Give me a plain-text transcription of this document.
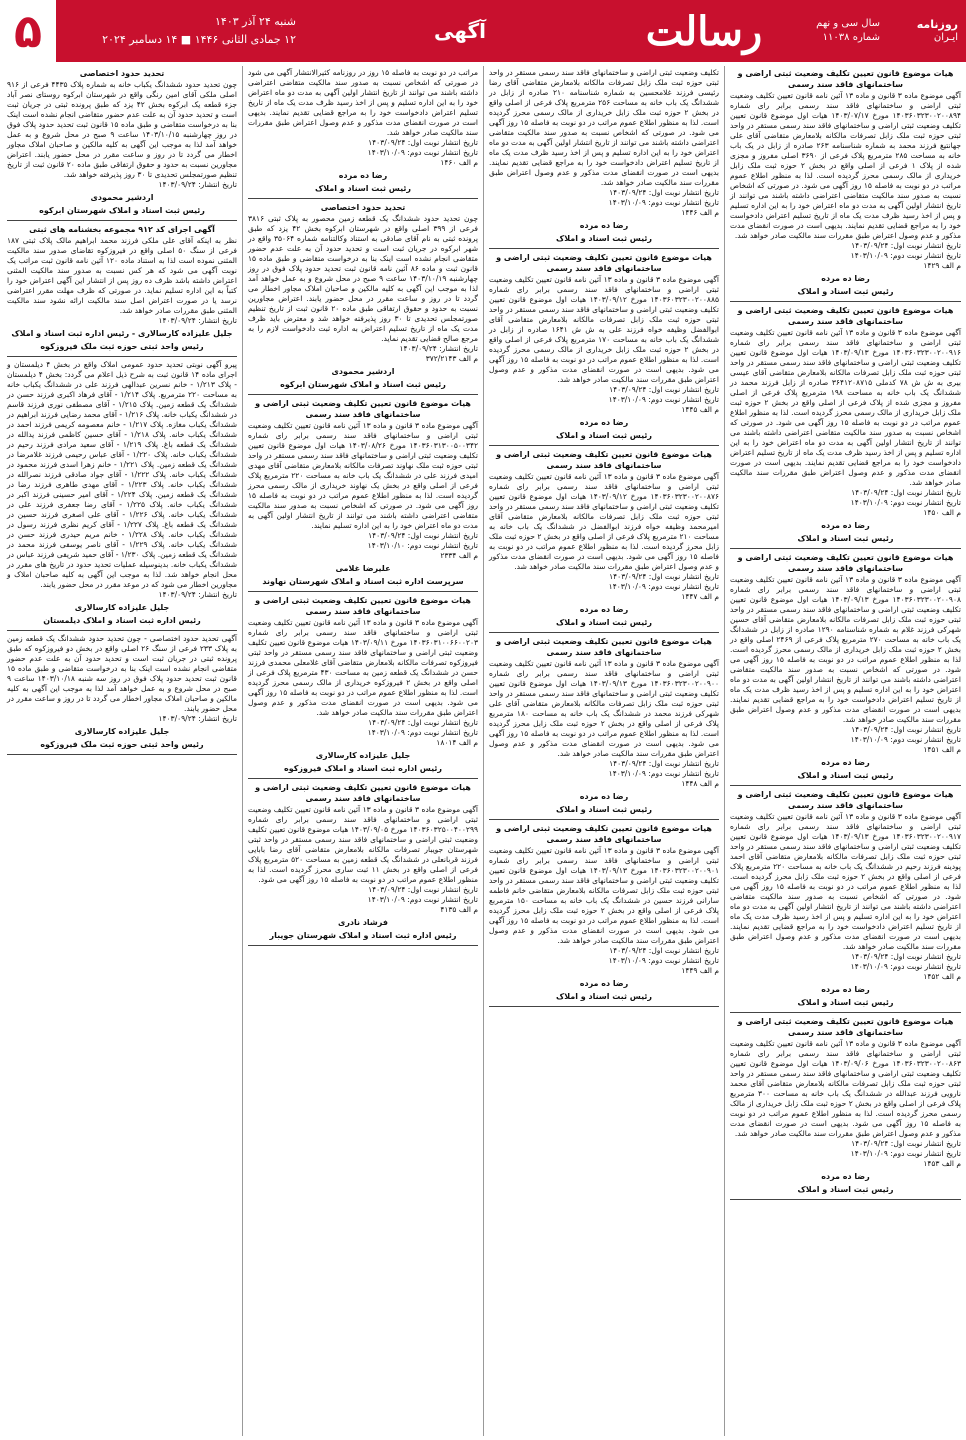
روزنامه
ایـران
سال سی و نهم
شماره ۱۱۰۳۸
رسالت
آگهی
شنبه ۲۴ آذر ۱۴۰۳
۱۲ جمادی الثانی ۱۴۴۶ ■ ۱۴ دسامبر ۲۰۲۴
۵
هیات موضوع قانون تعیین تکلیف وضعیت ثبتی اراضی و ساختمانهای فاقد سند رسمی
آگهی موضوع ماده ۳ قانون و ماده ۱۳ آئین نامه قانون تعیین تکلیف وضعیت ثبتی اراضی و ساختمانهای فاقد سند رسمی برابر رای شماره ۱۴۰۳۶۰۳۲۳۰۰۲۰۰۸۹۴ مورخ ۱۴۰۳/۰۷/۱۷ هیات اول موضوع قانون تعیین تکلیف وضعیت ثبتی اراضی و ساختمانهای فاقد سند رسمی مستقر در واحد ثبتی حوزه ثبت ملک زابل تصرفات مالکانه بلامعارض متقاضی آقای علی جهانتیغ فرزند محمد به شماره شناسنامه ۲۶۳ صادره از زابل در یک باب خانه به مساحت ۲۸۵ مترمربع پلاک فرعی از ۳۶۹۰ اصلی مفروز و مجزی شده از پلاک ۱ فرعی از اصلی واقع در بخش ۲ حوزه ثبت ملک زابل خریداری از مالک رسمی محرز گردیده است. لذا به منظور اطلاع عموم مراتب در دو نوبت به فاصله ۱۵ روز آگهی می شود. در صورتی که اشخاص نسبت به صدور سند مالکیت متقاضی اعتراضی داشته باشند می توانند از تاریخ انتشار اولین آگهی به مدت دو ماه اعتراض خود را به این اداره تسلیم و پس از اخذ رسید ظرف مدت یک ماه از تاریخ تسلیم اعتراض دادخواست خود را به مراجع قضایی تقدیم نمایند. بدیهی است در صورت انقضای مدت مذکور و عدم وصول اعتراض طبق مقررات سند مالکیت صادر خواهد شد.
تاریخ انتشار نوبت اول: ۱۴۰۳/۰۹/۲۴
تاریخ انتشار نوبت دوم: ۱۴۰۳/۱۰/۰۹
م الف ۱۴۲۹
رضا ده مرده
رئیس ثبت اسناد و املاک
هیات موضوع قانون تعیین تکلیف وضعیت ثبتی اراضی و ساختمانهای فاقد سند رسمی
آگهی موضوع ماده ۳ قانون و ماده ۱۳ آئین نامه قانون تعیین تکلیف وضعیت ثبتی اراضی و ساختمانهای فاقد سند رسمی برابر رای شماره ۱۴۰۳۶۰۳۲۳۰۰۲۰۰۹۱۶ مورخ ۱۴۰۳/۰۹/۱۳ هیات اول موضوع قانون تعیین تکلیف وضعیت ثبتی اراضی و ساختمانهای فاقد سند رسمی مستقر در واحد ثبتی حوزه ثبت ملک زابل تصرفات مالکانه بلامعارض متقاضی آقای عیسی بیری به ش ش ۷۸ کدملی ۳۶۴۱۲۰۸۷۱۵ صادره از زابل فرزند محمد در ششدانگ یک باب خانه به مساحت ۱۹۸ مترمربع پلاک فرعی از اصلی مفروز و مجزی شده از پلاک فرعی از اصلی واقع در بخش ۲ حوزه ثبت ملک زابل خریداری از مالک رسمی محرز گردیده است. لذا به منظور اطلاع عموم مراتب در دو نوبت به فاصله ۱۵ روز آگهی می شود. در صورتی که اشخاص نسبت به صدور سند مالکیت متقاضی اعتراضی داشته باشند می توانند از تاریخ انتشار اولین آگهی به مدت دو ماه اعتراض خود را به این اداره تسلیم و پس از اخذ رسید ظرف مدت یک ماه از تاریخ تسلیم اعتراض دادخواست خود را به مراجع قضایی تقدیم نمایند. بدیهی است در صورت انقضای مدت مذکور و عدم وصول اعتراض طبق مقررات سند مالکیت صادر خواهد شد.
تاریخ انتشار نوبت اول: ۱۴۰۳/۰۹/۲۴
تاریخ انتشار نوبت دوم: ۱۴۰۳/۱۰/۰۹
م الف ۱۴۵۰
رضا ده مرده
رئیس ثبت اسناد و املاک
هیات موضوع قانون تعیین تکلیف وضعیت ثبتی اراضی و ساختمانهای فاقد سند رسمی
آگهی موضوع ماده ۳ قانون و ماده ۱۳ آئین نامه قانون تعیین تکلیف وضعیت ثبتی اراضی و ساختمانهای فاقد سند رسمی برابر رای شماره ۱۴۰۳۶۰۳۲۳۰۰۲۰۰۹۰۸ مورخ ۱۴۰۳/۰۹/۱۳ هیات اول موضوع قانون تعیین تکلیف وضعیت ثبتی اراضی و ساختمانهای فاقد سند رسمی مستقر در واحد ثبتی حوزه ثبت ملک زابل تصرفات مالکانه بلامعارض متقاضی آقای حسین شهرکی فرزند غلام به شماره شناسنامه ۱۲۹۰ صادره از زابل در ششدانگ یک باب خانه به مساحت ۲۷۰ مترمربع پلاک فرعی از ۲۴۶۹ اصلی واقع در بخش ۲ حوزه ثبت ملک زابل خریداری از مالک رسمی محرز گردیده است. لذا به منظور اطلاع عموم مراتب در دو نوبت به فاصله ۱۵ روز آگهی می شود. در صورتی که اشخاص نسبت به صدور سند مالکیت متقاضی اعتراضی داشته باشند می توانند از تاریخ انتشار اولین آگهی به مدت دو ماه اعتراض خود را به این اداره تسلیم و پس از اخذ رسید ظرف مدت یک ماه از تاریخ تسلیم اعتراض دادخواست خود را به مراجع قضایی تقدیم نمایند. بدیهی است در صورت انقضای مدت مذکور و عدم وصول اعتراض طبق مقررات سند مالکیت صادر خواهد شد.
تاریخ انتشار نوبت اول: ۱۴۰۳/۰۹/۲۴
تاریخ انتشار نوبت دوم: ۱۴۰۳/۱۰/۰۹
م الف ۱۴۵۱
رضا ده مرده
رئیس ثبت اسناد و املاک
هیات موضوع قانون تعیین تکلیف وضعیت ثبتی اراضی و ساختمانهای فاقد سند رسمی
آگهی موضوع ماده ۳ قانون و ماده ۱۳ آئین نامه قانون تعیین تکلیف وضعیت ثبتی اراضی و ساختمانهای فاقد سند رسمی برابر رای شماره ۱۴۰۳۶۰۳۲۳۰۰۲۰۰۹۱۷ مورخ ۱۴۰۳/۰۹/۱۳ هیات اول موضوع قانون تعیین تکلیف وضعیت ثبتی اراضی و ساختمانهای فاقد سند رسمی مستقر در واحد ثبتی حوزه ثبت ملک زابل تصرفات مالکانه بلامعارض متقاضی آقای احمد پودینه فرزند رحیم در ششدانگ یک باب خانه به مساحت ۲۲۰ مترمربع پلاک فرعی از اصلی واقع در بخش ۲ حوزه ثبت ملک زابل محرز گردیده است. لذا به منظور اطلاع عموم مراتب در دو نوبت به فاصله ۱۵ روز آگهی می شود. در صورتی که اشخاص نسبت به صدور سند مالکیت متقاضی اعتراضی داشته باشند می توانند از تاریخ انتشار اولین آگهی به مدت دو ماه اعتراض خود را به این اداره تسلیم و پس از اخذ رسید ظرف مدت یک ماه از تاریخ تسلیم اعتراض دادخواست خود را به مراجع قضایی تقدیم نمایند. بدیهی است در صورت انقضای مدت مذکور و عدم وصول اعتراض طبق مقررات سند مالکیت صادر خواهد شد.
تاریخ انتشار نوبت اول: ۱۴۰۳/۰۹/۲۴
تاریخ انتشار نوبت دوم: ۱۴۰۳/۱۰/۰۹
م الف ۱۴۵۲
رضا ده مرده
رئیس ثبت اسناد و املاک
هیات موضوع قانون تعیین تکلیف وضعیت ثبتی اراضی و ساختمانهای فاقد سند رسمی
آگهی موضوع ماده ۳ قانون و ماده ۱۳ آئین نامه قانون تعیین تکلیف وضعیت ثبتی اراضی و ساختمانهای فاقد سند رسمی برابر رای شماره ۱۴۰۳۶۰۳۲۳۰۰۲۰۰۸۶۳ مورخ ۱۴۰۳/۰۹/۰۶ هیات اول موضوع قانون تعیین تکلیف وضعیت ثبتی اراضی و ساختمانهای فاقد سند رسمی مستقر در واحد ثبتی حوزه ثبت ملک زابل تصرفات مالکانه بلامعارض متقاضی آقای محمد نارویی فرزند عبدالله در ششدانگ یک باب خانه به مساحت ۳۰۰ مترمربع پلاک فرعی از اصلی واقع در بخش ۲ حوزه ثبت ملک زابل خریداری از مالک رسمی محرز گردیده است. لذا به منظور اطلاع عموم مراتب در دو نوبت به فاصله ۱۵ روز آگهی می شود. بدیهی است در صورت انقضای مدت مذکور و عدم وصول اعتراض طبق مقررات سند مالکیت صادر خواهد شد.
تاریخ انتشار نوبت اول: ۱۴۰۳/۰۹/۲۴
تاریخ انتشار نوبت دوم: ۱۴۰۳/۱۰/۰۹
م الف ۱۴۵۳
رضا ده مرده
رئیس ثبت اسناد و املاک
تکلیف وضعیت ثبتی اراضی و ساختمانهای فاقد سند رسمی مستقر در واحد ثبتی حوزه ثبت ملک زابل تصرفات مالکانه بلامعارض متقاضی آقای رضا رئیسی فرزند غلامحسین به شماره شناسنامه ۲۱۰ صادره از زابل در ششدانگ یک باب خانه به مساحت ۲۵۶ مترمربع پلاک فرعی از اصلی واقع در بخش ۲ حوزه ثبت ملک زابل خریداری از مالک رسمی محرز گردیده است. لذا به منظور اطلاع عموم مراتب در دو نوبت به فاصله ۱۵ روز آگهی می شود. در صورتی که اشخاص نسبت به صدور سند مالکیت متقاضی اعتراضی داشته باشند می توانند از تاریخ انتشار اولین آگهی به مدت دو ماه اعتراض خود را به این اداره تسلیم و پس از اخذ رسید ظرف مدت یک ماه از تاریخ تسلیم اعتراض دادخواست خود را به مراجع قضایی تقدیم نمایند. بدیهی است در صورت انقضای مدت مذکور و عدم وصول اعتراض طبق مقررات سند مالکیت صادر خواهد شد.
تاریخ انتشار نوبت اول: ۱۴۰۳/۰۹/۲۴
تاریخ انتشار نوبت دوم: ۱۴۰۳/۱۰/۰۹
م الف ۱۴۴۶
رضا ده مرده
رئیس ثبت اسناد و املاک
هیات موضوع قانون تعیین تکلیف وضعیت ثبتی اراضی و ساختمانهای فاقد سند رسمی
آگهی موضوع ماده ۳ قانون و ماده ۱۳ آئین نامه قانون تعیین تکلیف وضعیت ثبتی اراضی و ساختمانهای فاقد سند رسمی برابر رای شماره ۱۴۰۳۶۰۳۲۳۰۰۲۰۰۸۸۵ مورخ ۱۴۰۳/۰۹/۱۲ هیات اول موضوع قانون تعیین تکلیف وضعیت ثبتی اراضی و ساختمانهای فاقد سند رسمی مستقر در واحد ثبتی حوزه ثبت ملک زابل تصرفات مالکانه بلامعارض متقاضی آقای ابوالفضل وظیفه خواه فرزند علی به ش ش ۱۶۴۱ صادره از زابل در ششدانگ یک باب خانه به مساحت ۱۷۰ مترمربع پلاک فرعی از اصلی واقع در بخش ۲ حوزه ثبت ملک زابل خریداری از مالک رسمی محرز گردیده است. لذا به منظور اطلاع عموم مراتب در دو نوبت به فاصله ۱۵ روز آگهی می شود. بدیهی است در صورت انقضای مدت مذکور و عدم وصول اعتراض طبق مقررات سند مالکیت صادر خواهد شد.
تاریخ انتشار نوبت اول: ۱۴۰۳/۰۹/۲۴
تاریخ انتشار نوبت دوم: ۱۴۰۳/۱۰/۰۹
م الف ۱۴۴۵
رضا ده مرده
رئیس ثبت اسناد و املاک
هیات موضوع قانون تعیین تکلیف وضعیت ثبتی اراضی و ساختمانهای فاقد سند رسمی
آگهی موضوع ماده ۳ قانون و ماده ۱۳ آئین نامه قانون تعیین تکلیف وضعیت ثبتی اراضی و ساختمانهای فاقد سند رسمی برابر رای شماره ۱۴۰۳۶۰۳۲۳۰۰۲۰۰۸۷۶ مورخ ۱۴۰۳/۰۹/۱۲ هیات اول موضوع قانون تعیین تکلیف وضعیت ثبتی اراضی و ساختمانهای فاقد سند رسمی مستقر در واحد ثبتی حوزه ثبت ملک زابل تصرفات مالکانه بلامعارض متقاضی آقای امیرمحمد وظیفه خواه فرزند ابوالفضل در ششدانگ یک باب خانه به مساحت ۲۱۰ مترمربع پلاک فرعی از اصلی واقع در بخش ۲ حوزه ثبت ملک زابل محرز گردیده است. لذا به منظور اطلاع عموم مراتب در دو نوبت به فاصله ۱۵ روز آگهی می شود. بدیهی است در صورت انقضای مدت مذکور و عدم وصول اعتراض طبق مقررات سند مالکیت صادر خواهد شد.
تاریخ انتشار نوبت اول: ۱۴۰۳/۰۹/۲۴
تاریخ انتشار نوبت دوم: ۱۴۰۳/۱۰/۰۹
م الف ۱۴۴۷
رضا ده مرده
رئیس ثبت اسناد و املاک
هیات موضوع قانون تعیین تکلیف وضعیت ثبتی اراضی و ساختمانهای فاقد سند رسمی
آگهی موضوع ماده ۳ قانون و ماده ۱۳ آئین نامه قانون تعیین تکلیف وضعیت ثبتی اراضی و ساختمانهای فاقد سند رسمی برابر رای شماره ۱۴۰۳۶۰۳۲۳۰۰۲۰۰۹۰۰ مورخ ۱۴۰۳/۰۹/۱۳ هیات اول موضوع قانون تعیین تکلیف وضعیت ثبتی اراضی و ساختمانهای فاقد سند رسمی مستقر در واحد ثبتی حوزه ثبت ملک زابل تصرفات مالکانه بلامعارض متقاضی آقای علی شهرکی فرزند محمد در ششدانگ یک باب خانه به مساحت ۱۸۰ مترمربع پلاک فرعی از اصلی واقع در بخش ۲ حوزه ثبت ملک زابل محرز گردیده است. لذا به منظور اطلاع عموم مراتب در دو نوبت به فاصله ۱۵ روز آگهی می شود. بدیهی است در صورت انقضای مدت مذکور و عدم وصول اعتراض طبق مقررات سند مالکیت صادر خواهد شد.
تاریخ انتشار نوبت اول: ۱۴۰۳/۰۹/۲۴
تاریخ انتشار نوبت دوم: ۱۴۰۳/۱۰/۰۹
م الف ۱۴۴۸
رضا ده مرده
رئیس ثبت اسناد و املاک
هیات موضوع قانون تعیین تکلیف وضعیت ثبتی اراضی و ساختمانهای فاقد سند رسمی
آگهی موضوع ماده ۳ قانون و ماده ۱۳ آئین نامه قانون تعیین تکلیف وضعیت ثبتی اراضی و ساختمانهای فاقد سند رسمی برابر رای شماره ۱۴۰۳۶۰۳۲۳۰۰۲۰۰۹۰۱ مورخ ۱۴۰۳/۰۹/۱۳ هیات اول موضوع قانون تعیین تکلیف وضعیت ثبتی اراضی و ساختمانهای فاقد سند رسمی مستقر در واحد ثبتی حوزه ثبت ملک زابل تصرفات مالکانه بلامعارض متقاضی خانم فاطمه سارانی فرزند حسین در ششدانگ یک باب خانه به مساحت ۱۵۰ مترمربع پلاک فرعی از اصلی واقع در بخش ۲ حوزه ثبت ملک زابل محرز گردیده است. لذا به منظور اطلاع عموم مراتب در دو نوبت به فاصله ۱۵ روز آگهی می شود. بدیهی است در صورت انقضای مدت مذکور و عدم وصول اعتراض طبق مقررات سند مالکیت صادر خواهد شد.
تاریخ انتشار نوبت اول: ۱۴۰۳/۰۹/۲۴
تاریخ انتشار نوبت دوم: ۱۴۰۳/۱۰/۰۹
م الف ۱۴۴۹
رضا ده مرده
رئیس ثبت اسناد و املاک
مراتب در دو نوبت به فاصله ۱۵ روز در روزنامه کثیرالانتشار آگهی می شود در صورتی که اشخاص نسبت به صدور سند مالکیت متقاضی اعتراضی داشته باشند می توانند از تاریخ انتشار اولین آگهی به مدت دو ماه اعتراض خود را به این اداره تسلیم و پس از اخذ رسید ظرف مدت یک ماه از تاریخ تسلیم اعتراض دادخواست خود را به مراجع قضایی تقدیم نمایند. بدیهی است در صورت انقضای مدت مذکور و عدم وصول اعتراض طبق مقررات سند مالکیت صادر خواهد شد.
تاریخ انتشار نوبت اول: ۱۴۰۳/۰۹/۲۴
تاریخ انتشار نوبت دوم: ۱۴۰۳/۱۰/۰۹
م الف ۱۴۶۰
رضا ده مرده
رئیس ثبت اسناد و املاک
تحدید حدود اختصاصی
چون تحدید حدود ششدانگ یک قطعه زمین محصور به پلاک ثبتی ۳۸۱۶ فرعی از ۳۹۹ اصلی واقع در شهرستان ابرکوه بخش ۴۲ یزد که طبق پرونده ثبتی به نام آقای صادقی به استناد وکالتنامه شماره ۳۵۰۶۴ واقع در شهر ابرکوه در جریان ثبت است و تحدید حدود آن به علت عدم حضور متقاضی انجام نشده است اینک بنا به درخواست متقاضی و طبق ماده ۱۵ قانون ثبت و ماده ۸۶ آئین نامه قانون ثبت تحدید حدود پلاک فوق در روز چهارشنبه ۱۴۰۳/۱۰/۱۹ ساعت ۹ صبح در محل شروع و به عمل خواهد آمد لذا به موجب این آگهی به کلیه مالکین و صاحبان املاک مجاور اخطار می گردد تا در روز و ساعت مقرر در محل حضور یابند. اعتراض مجاورین نسبت به حدود و حقوق ارتفاقی طبق ماده ۲۰ قانون ثبت از تاریخ تنظیم صورتمجلس تحدیدی تا ۳۰ روز پذیرفته خواهد شد و معترض باید ظرف مدت یک ماه از تاریخ تسلیم اعتراض به اداره ثبت دادخواست لازم را به مرجع صالح قضایی تقدیم نماید.
تاریخ انتشار: ۱۴۰۳/۰۹/۲۴
م الف ۳۷۲/۲۱۴۳
اردشیر محمودی
رئیس ثبت اسناد و املاک شهرستان ابرکوه
هیات موضوع قانون تعیین تکلیف وضعیت ثبتی اراضی و ساختمانهای فاقد سند رسمی
آگهی موضوع ماده ۳ قانون و ماده ۱۳ آئین نامه قانون تعیین تکلیف وضعیت ثبتی اراضی و ساختمانهای فاقد سند رسمی برابر رای شماره ۱۴۰۳۶۰۳۱۳۰۰۵۰۰۳۴۲ مورخ ۱۴۰۳/۰۸/۲۶ هیات اول موضوع قانون تعیین تکلیف وضعیت ثبتی اراضی و ساختمانهای فاقد سند رسمی مستقر در واحد ثبتی حوزه ثبت ملک نهاوند تصرفات مالکانه بلامعارض متقاضی آقای مهدی امیدی فرزند علی در ششدانگ یک باب خانه به مساحت ۲۲۰ مترمربع پلاک فرعی از اصلی واقع در بخش یک نهاوند خریداری از مالک رسمی محرز گردیده است. لذا به منظور اطلاع عموم مراتب در دو نوبت به فاصله ۱۵ روز آگهی می شود. در صورتی که اشخاص نسبت به صدور سند مالکیت متقاضی اعتراضی داشته باشند می توانند از تاریخ انتشار اولین آگهی به مدت دو ماه اعتراض خود را به این اداره تسلیم نمایند.
تاریخ انتشار نوبت اول: ۱۴۰۳/۰۹/۲۴
تاریخ انتشار نوبت دوم: ۱۴۰۳/۱۰/۱۰
م الف ۲۳۳۴
علیرضا غلامی
سرپرست اداره ثبت اسناد و املاک شهرستان نهاوند
هیات موضوع قانون تعیین تکلیف وضعیت ثبتی اراضی و ساختمانهای فاقد سند رسمی
آگهی موضوع ماده ۳ قانون و ماده ۱۳ آئین نامه قانون تعیین تکلیف وضعیت ثبتی اراضی و ساختمانهای فاقد سند رسمی برابر رای شماره ۱۴۰۳۶۰۳۱۰۰۶۶۰۰۲۰۳ مورخ ۱۴۰۳/۰۹/۱۱ هیات موضوع قانون تعیین تکلیف وضعیت ثبتی اراضی و ساختمانهای فاقد سند رسمی مستقر در واحد ثبتی فیروزکوه تصرفات مالکانه بلامعارض متقاضی آقای غلامعلی محمدی فرزند حسن در ششدانگ یک قطعه زمین به مساحت ۴۳۰ مترمربع پلاک فرعی از اصلی واقع در بخش ۲ فیروزکوه خریداری از مالک رسمی محرز گردیده است. لذا به منظور اطلاع عموم مراتب در دو نوبت به فاصله ۱۵ روز آگهی می شود. بدیهی است در صورت انقضای مدت مذکور و عدم وصول اعتراض طبق مقررات سند مالکیت صادر خواهد شد.
تاریخ انتشار نوبت اول: ۱۴۰۳/۰۹/۲۴
تاریخ انتشار نوبت دوم: ۱۴۰۳/۱۰/۰۹
م الف ۱۸۰۱۴
جلیل علیزاده کارسالاری
رئیس اداره ثبت اسناد و املاک فیروزکوه
هیات موضوع قانون تعیین تکلیف وضعیت ثبتی اراضی و ساختمانهای فاقد سند رسمی
آگهی موضوع ماده ۳ قانون و ماده ۱۳ آئین نامه قانون تعیین تکلیف وضعیت ثبتی اراضی و ساختمانهای فاقد سند رسمی برابر رای شماره ۱۴۰۳۶۰۳۲۵۰۰۴۰۰۲۹۹ مورخ ۱۴۰۳/۰۹/۰۵ هیات موضوع قانون تعیین تکلیف وضعیت ثبتی اراضی و ساختمانهای فاقد سند رسمی مستقر در واحد ثبتی شهرستان جویبار تصرفات مالکانه بلامعارض متقاضی آقای رضا بابایی فرزند قربانعلی در ششدانگ یک قطعه زمین به مساحت ۵۲۰ مترمربع پلاک فرعی از اصلی واقع در بخش ۱۱ ثبت ساری محرز گردیده است. لذا به منظور اطلاع عموم مراتب در دو نوبت به فاصله ۱۵ روز آگهی می شود.
تاریخ انتشار نوبت اول: ۱۴۰۳/۰۹/۲۴
تاریخ انتشار نوبت دوم: ۱۴۰۳/۱۰/۰۹
م الف ۴۱۳۵
فرشاد نادری
رئیس اداره ثبت اسناد و املاک شهرستان جویبار
تحدید حدود اختصاصی
چون تحدید حدود ششدانگ یکباب خانه به شماره پلاک ۴۴۳۵ فرعی از ۹۱۶ اصلی ملکی آقای امین رنگی واقع در شهرستان ابرکوه روستای نصر آباد جزء قطعه یک ابرکوه بخش ۴۲ یزد که طبق پرونده ثبتی در جریان ثبت است و تحدید حدود آن به علت عدم حضور متقاضی انجام نشده است اینک بنا به درخواست متقاضی و طبق ماده ۱۵ قانون ثبت تحدید حدود پلاک فوق در روز چهارشنبه ۱۴۰۳/۱۰/۱۵ ساعت ۹ صبح در محل شروع و به عمل خواهد آمد لذا به موجب این آگهی به کلیه مالکین و صاحبان املاک مجاور اخطار می گردد تا در روز و ساعت مقرر در محل حضور یابند. اعتراض مجاورین نسبت به حدود و حقوق ارتفاقی طبق ماده ۲۰ قانون ثبت از تاریخ تنظیم صورتمجلس تحدیدی تا ۳۰ روز پذیرفته خواهد شد.
تاریخ انتشار: ۱۴۰۳/۰۹/۲۴
اردشیر محمودی
رئیس ثبت اسناد و املاک شهرستان ابرکوه
آگهی اجرای کد ۹۱۲ مجموعه بخشنامه های ثبتی
نظر به اینکه آقای علی ملکی فرزند محمد ابراهیم مالک پلاک ثبتی ۱۸۷ فرعی از سنگ ۵۰ اصلی واقع در فیروزکوه تقاضای صدور سند مالکیت المثنی نموده است لذا به استناد ماده ۱۲۰ آئین نامه قانون ثبت مراتب یک نوبت آگهی می شود که هر کس نسبت به صدور سند مالکیت المثنی اعتراض داشته باشد ظرف ده روز پس از انتشار این آگهی اعتراض خود را کتباً به این اداره تسلیم نماید. در صورتی که ظرف مهلت مقرر اعتراضی نرسد یا در صورت اعتراض اصل سند مالکیت ارائه نشود سند مالکیت المثنی طبق مقررات صادر خواهد شد.
تاریخ انتشار: ۱۴۰۳/۰۹/۲۴
جلیل علیزاده کارسالاری - رئیس اداره ثبت اسناد و املاک
رئیس واحد ثبتی حوزه ثبت ملک فیروزکوه
پیرو آگهی نوبتی تحدید حدود عمومی املاک واقع در بخش ۴ دیلمستان و اجرای ماده ۱۴ قانون ثبت به شرح ذیل اعلام می گردد: بخش ۴ دیلمستان - پلاک ۱/۲۱۳ - خانم نسرین عبدالهی فرزند علی در ششدانگ یکباب خانه به مساحت ۲۲۰ مترمربع. پلاک ۱/۲۱۴ - آقای فرهاد اکبری فرزند حسن در ششدانگ یک قطعه زمین. پلاک ۱/۲۱۵ - آقای مصطفی نوری فرزند قاسم در ششدانگ یکباب خانه. پلاک ۱/۲۱۶ - آقای محمد رضایی فرزند ابراهیم در ششدانگ یکباب مغازه. پلاک ۱/۲۱۷ - خانم معصومه کریمی فرزند احمد در ششدانگ یکباب خانه. پلاک ۱/۲۱۸ - آقای حسین کاظمی فرزند یدالله در ششدانگ یک قطعه باغ. پلاک ۱/۲۱۹ - آقای سعید مرادی فرزند رحیم در ششدانگ یکباب خانه. پلاک ۱/۲۲۰ - آقای عباس رحیمی فرزند غلامرضا در ششدانگ یک قطعه زمین. پلاک ۱/۲۲۱ - خانم زهرا اسدی فرزند محمود در ششدانگ یکباب خانه. پلاک ۱/۲۲۲ - آقای جواد صادقی فرزند نصرالله در ششدانگ یکباب خانه. پلاک ۱/۲۲۳ - آقای مهدی طاهری فرزند رضا در ششدانگ یک قطعه زمین. پلاک ۱/۲۲۴ - آقای امیر حسینی فرزند اکبر در ششدانگ یکباب خانه. پلاک ۱/۲۲۵ - آقای رضا جعفری فرزند علی در ششدانگ یکباب خانه. پلاک ۱/۲۲۶ - آقای علی اصغری فرزند حسین در ششدانگ یک قطعه باغ. پلاک ۱/۲۲۷ - آقای کریم نظری فرزند رسول در ششدانگ یکباب خانه. پلاک ۱/۲۲۸ - خانم مریم حیدری فرزند حسن در ششدانگ یکباب خانه. پلاک ۱/۲۲۹ - آقای ناصر یوسفی فرزند محمد در ششدانگ یک قطعه زمین. پلاک ۱/۲۳۰ - آقای حمید شریفی فرزند عباس در ششدانگ یکباب خانه. بدینوسیله عملیات تحدید حدود در تاریخ های مقرر در محل انجام خواهد شد. لذا به موجب این آگهی به کلیه صاحبان املاک و مجاورین اخطار می شود که در موعد مقرر در محل حضور یابند.
تاریخ انتشار: ۱۴۰۳/۰۹/۲۴
جلیل علیزاده کارسالاری
رئیس اداره ثبت اسناد و املاک دیلمستان
آگهی تحدید حدود اختصاصی - چون تحدید حدود ششدانگ یک قطعه زمین به پلاک ۲۳۳ فرعی از سنگ ۲۶ اصلی واقع در بخش دو فیروزکوه که طبق پرونده ثبتی در جریان ثبت است و تحدید حدود آن به علت عدم حضور متقاضی انجام نشده است اینک بنا به درخواست متقاضی و طبق ماده ۱۵ قانون ثبت تحدید حدود پلاک فوق در روز سه شنبه ۱۴۰۳/۱۰/۱۸ ساعت ۹ صبح در محل شروع و به عمل خواهد آمد لذا به موجب این آگهی به کلیه مالکین و صاحبان املاک مجاور اخطار می گردد تا در روز و ساعت مقرر در محل حضور یابند.
تاریخ انتشار: ۱۴۰۳/۰۹/۲۴
جلیل علیزاده کارسالاری
رئیس واحد ثبتی حوزه ثبت ملک فیروزکوه
